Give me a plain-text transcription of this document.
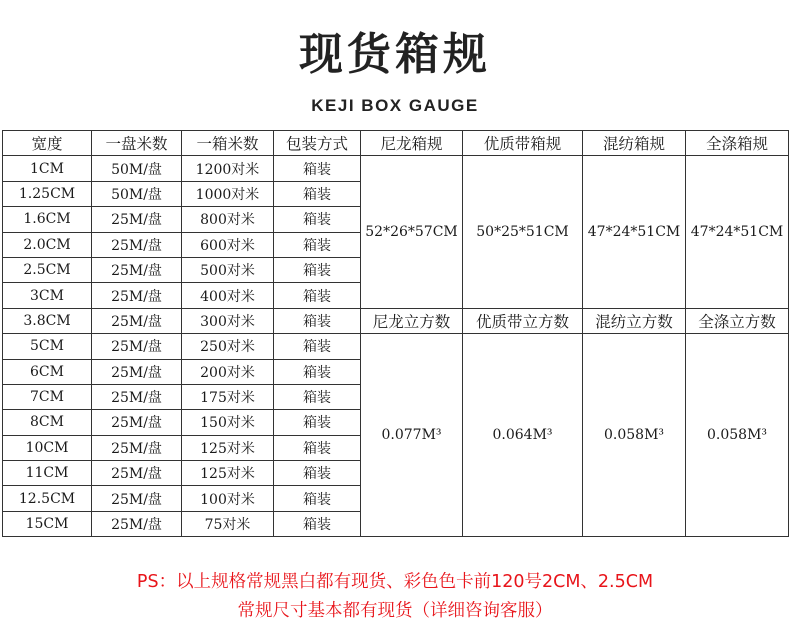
现货箱规
KEJI BOX GAUGE
宽度	一盘米数	一箱米数	包装方式	尼龙箱规	优质带箱规	混纺箱规	全涤箱规
1CM	50M/盘	1200对米	箱装	52*26*57CM	50*25*51CM	47*24*51CM	47*24*51CM
1.25CM	50M/盘	1000对米	箱装				
1.6CM	25M/盘	800对米	箱装				
2.0CM	25M/盘	600对米	箱装				
2.5CM	25M/盘	500对米	箱装				
3CM	25M/盘	400对米	箱装				
3.8CM	25M/盘	300对米	箱装	尼龙立方数	优质带立方数	混纺立方数	全涤立方数
5CM	25M/盘	250对米	箱装	0.077M³	0.064M³	0.058M³	0.058M³
6CM	25M/盘	200对米	箱装				
7CM	25M/盘	175对米	箱装				
8CM	25M/盘	150对米	箱装				
10CM	25M/盘	125对米	箱装				
11CM	25M/盘	125对米	箱装				
12.5CM	25M/盘	100对米	箱装				
15CM	25M/盘	75对米	箱装				
PS：以上规格常规黑白都有现货、彩色色卡前120号2CM、2.5CM
常规尺寸基本都有现货（详细咨询客服）
